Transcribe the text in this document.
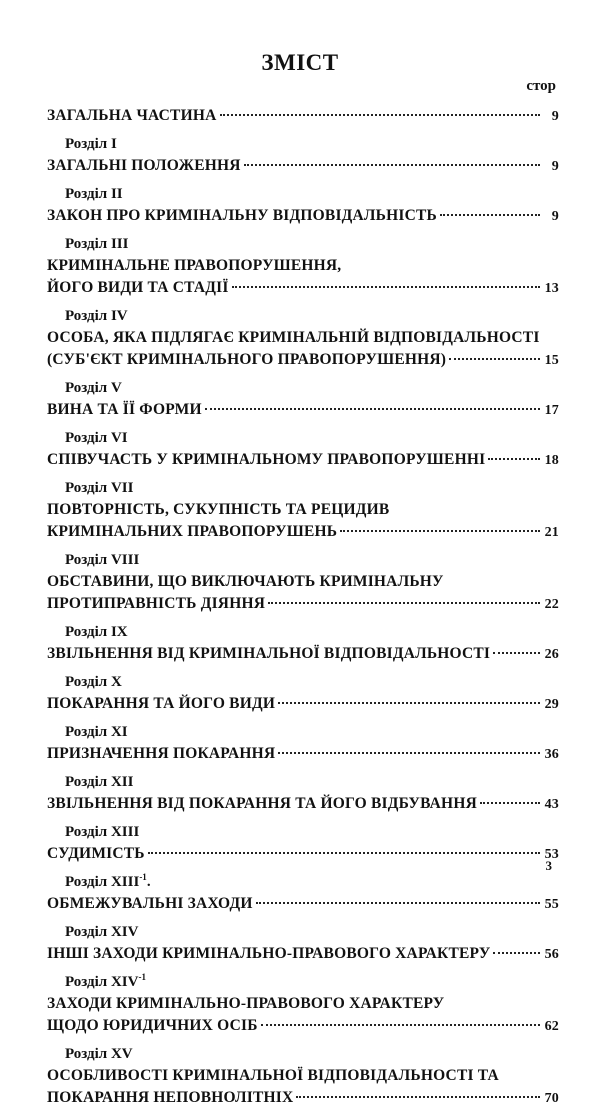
ЗМІСТ
стор
ЗАГАЛЬНА ЧАСТИНА	9
Розділ I
ЗАГАЛЬНІ ПОЛОЖЕННЯ	9
Розділ II
ЗАКОН ПРО КРИМІНАЛЬНУ ВІДПОВІДАЛЬНІСТЬ	9
Розділ III
КРИМІНАЛЬНЕ ПРАВОПОРУШЕННЯ,
ЙОГО ВИДИ ТА СТАДІЇ	13
Розділ IV
ОСОБА, ЯКА ПІДЛЯГАЄ КРИМІНАЛЬНІЙ ВІДПОВІДАЛЬНОСТІ
(СУБ'ЄКТ КРИМІНАЛЬНОГО ПРАВОПОРУШЕННЯ)	15
Розділ V
ВИНА ТА ЇЇ ФОРМИ	17
Розділ VI
СПІВУЧАСТЬ У КРИМІНАЛЬНОМУ ПРАВОПОРУШЕННІ	18
Розділ VII
ПОВТОРНІСТЬ, СУКУПНІСТЬ ТА РЕЦИДИВ
КРИМІНАЛЬНИХ ПРАВОПОРУШЕНЬ	21
Розділ VIII
ОБСТАВИНИ, ЩО ВИКЛЮЧАЮТЬ КРИМІНАЛЬНУ
ПРОТИПРАВНІСТЬ ДІЯННЯ	22
Розділ IX
ЗВІЛЬНЕННЯ ВІД КРИМІНАЛЬНОЇ ВІДПОВІДАЛЬНОСТІ	26
Розділ X
ПОКАРАННЯ ТА ЙОГО ВИДИ	29
Розділ XI
ПРИЗНАЧЕННЯ ПОКАРАННЯ	36
Розділ XII
ЗВІЛЬНЕННЯ ВІД ПОКАРАННЯ ТА ЙОГО ВІДБУВАННЯ	43
Розділ XIII
СУДИМІСТЬ	53
Розділ $XIII^{-1}$.
ОБМЕЖУВАЛЬНІ ЗАХОДИ	55
Розділ XIV
ІНШІ ЗАХОДИ КРИМІНАЛЬНО-ПРАВОВОГО ХАРАКТЕРУ	56
Розділ $XIV^{-1}$
ЗАХОДИ КРИМІНАЛЬНО-ПРАВОВОГО ХАРАКТЕРУ
ЩОДО ЮРИДИЧНИХ ОСІБ	62
Розділ XV
ОСОБЛИВОСТІ КРИМІНАЛЬНОЇ ВІДПОВІДАЛЬНОСТІ ТА
ПОКАРАННЯ НЕПОВНОЛІТНІХ	70
3
